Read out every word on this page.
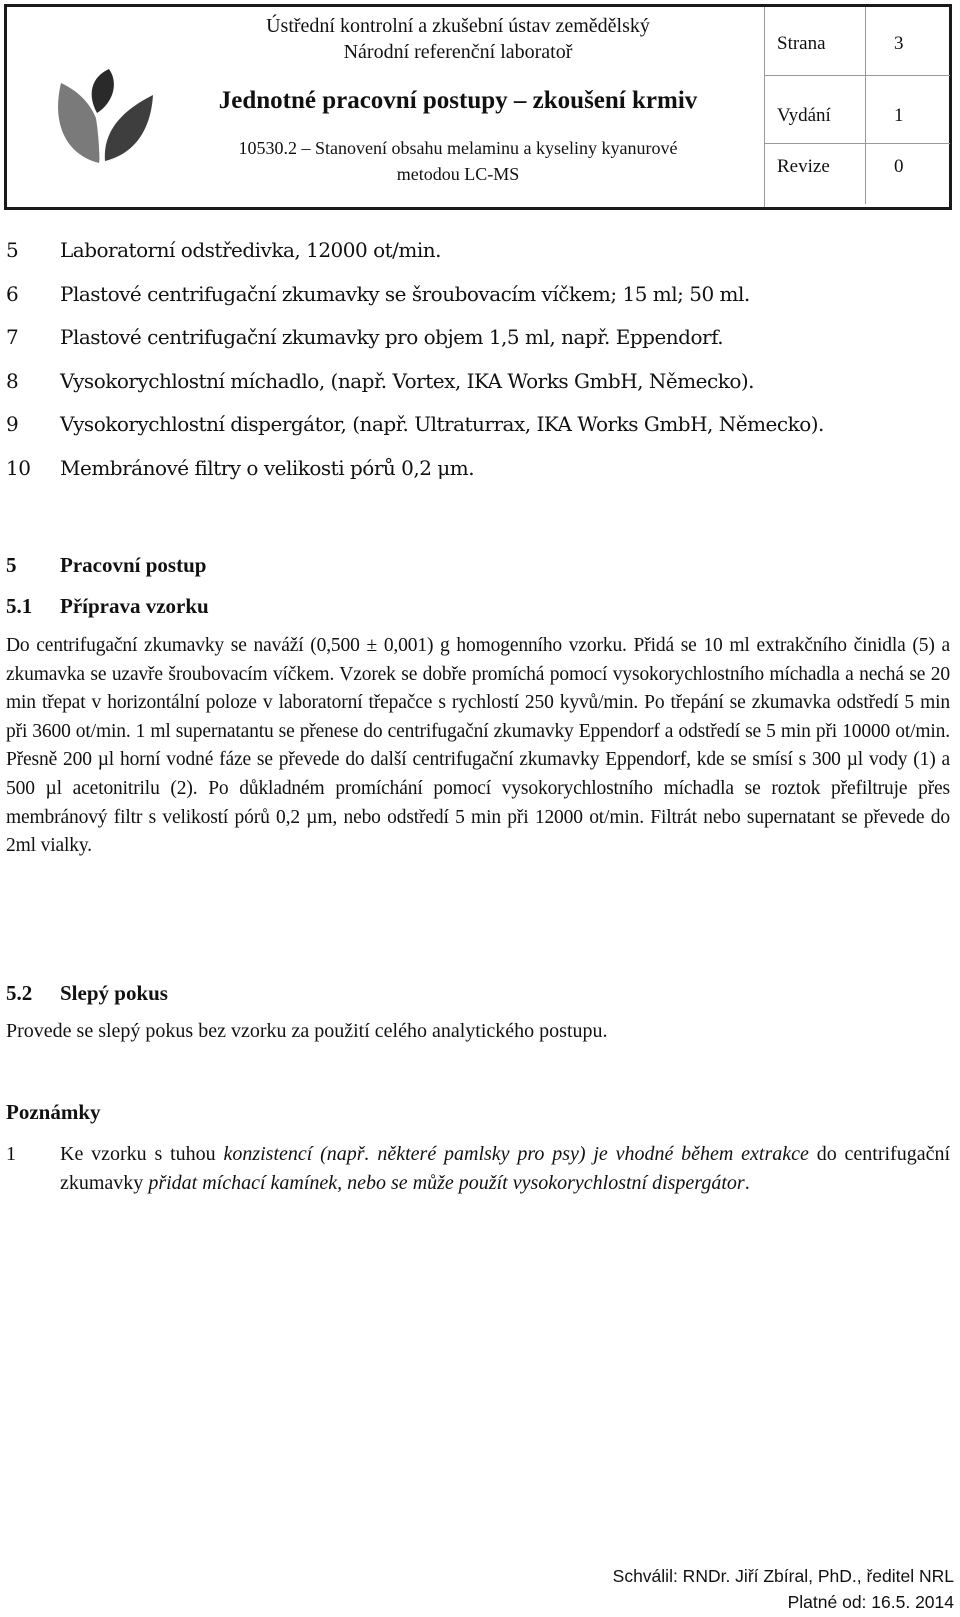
Ústřední kontrolní a zkušební ústav zemědělský
Národní referenční laboratoř
Jednotné pracovní postupy – zkoušení krmiv
10530.2 – Stanovení obsahu melaminu a kyseliny kyanurové
metodou LC-MS
Strana	3
Vydání	1
Revize	0
5 Laboratorní odstředivka, 12000 ot/min.
6 Plastové centrifugační zkumavky se šroubovacím víčkem; 15 ml; 50 ml.
7 Plastové centrifugační zkumavky pro objem 1,5 ml, např. Eppendorf.
8 Vysokorychlostní míchadlo, (např. Vortex, IKA Works GmbH, Německo).
9 Vysokorychlostní dispergátor, (např. Ultraturrax, IKA Works GmbH, Německo).
10 Membránové filtry o velikosti pórů 0,2 μm.
5 Pracovní postup
5.1 Příprava vzorku
Do centrifugační zkumavky se naváží (0,500 ± 0,001) g homogenního vzorku. Přidá se 10 ml extrakčního činidla (5) a zkumavka se uzavře šroubovacím víčkem. Vzorek se dobře promíchá pomocí vysokorychlostního míchadla a nechá se 20 min třepat v horizontální poloze v laboratorní třepačce s rychlostí 250 kyvů/min. Po třepání se zkumavka odstředí 5 min při 3600 ot/min. 1 ml supernatantu se přenese do centrifugační zkumavky Eppendorf a odstředí se 5 min při 10000 ot/min. Přesně 200 µl horní vodné fáze se převede do další centrifugační zkumavky Eppendorf, kde se smísí s 300 µl vody (1) a 500 µl acetonitrilu (2). Po důkladném promíchání pomocí vysokorychlostního míchadla se roztok přefiltruje přes membránový filtr s velikostí pórů 0,2 µm, nebo odstředí 5 min při 12000 ot/min. Filtrát nebo supernatant se převede do 2ml vialky.
5.2 Slepý pokus
Provede se slepý pokus bez vzorku za použití celého analytického postupu.
Poznámky
1 Ke vzorku s tuhou konzistencí (např. některé pamlsky pro psy) je vhodné během extrakce do centrifugační zkumavky přidat míchací kamínek, nebo se může použít vysokorychlostní dispergátor.
Schválil: RNDr. Jiří Zbíral, PhD., ředitel NRL
Platné od: 16.5. 2014
